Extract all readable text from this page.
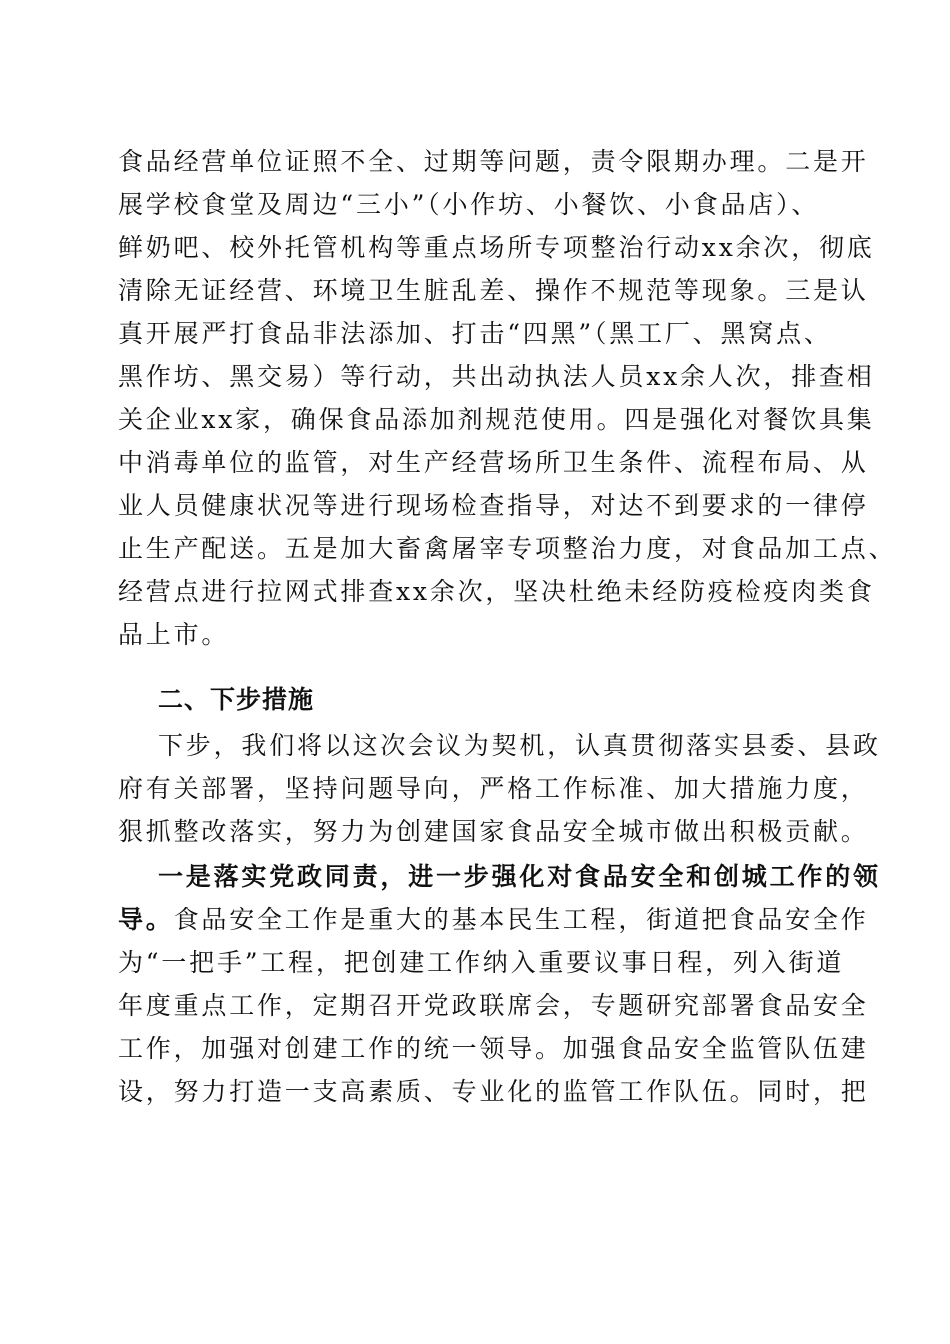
食品经营单位证照不全、过期等问题，责令限期办理。二是开
展学校食堂及周边“三小”（小作坊、小餐饮、小食品店）、
鲜奶吧、校外托管机构等重点场所专项整治行动xx余次，彻底
清除无证经营、环境卫生脏乱差、操作不规范等现象。三是认
真开展严打食品非法添加、打击“四黑”（黑工厂、黑窝点、
黑作坊、黑交易）等行动，共出动执法人员xx余人次，排查相
关企业xx家，确保食品添加剂规范使用。四是强化对餐饮具集
中消毒单位的监管，对生产经营场所卫生条件、流程布局、从
业人员健康状况等进行现场检查指导，对达不到要求的一律停
止生产配送。五是加大畜禽屠宰专项整治力度，对食品加工点、
经营点进行拉网式排查xx余次，坚决杜绝未经防疫检疫肉类食
品上市。
二、下步措施
下步，我们将以这次会议为契机，认真贯彻落实县委、县政
府有关部署，坚持问题导向，严格工作标准、加大措施力度，
狠抓整改落实，努力为创建国家食品安全城市做出积极贡献。
一是落实党政同责，进一步强化对食品安全和创城工作的领
导。食品安全工作是重大的基本民生工程，街道把食品安全作
为“一把手”工程，把创建工作纳入重要议事日程，列入街道
年度重点工作，定期召开党政联席会，专题研究部署食品安全
工作，加强对创建工作的统一领导。加强食品安全监管队伍建
设，努力打造一支高素质、专业化的监管工作队伍。同时，把
